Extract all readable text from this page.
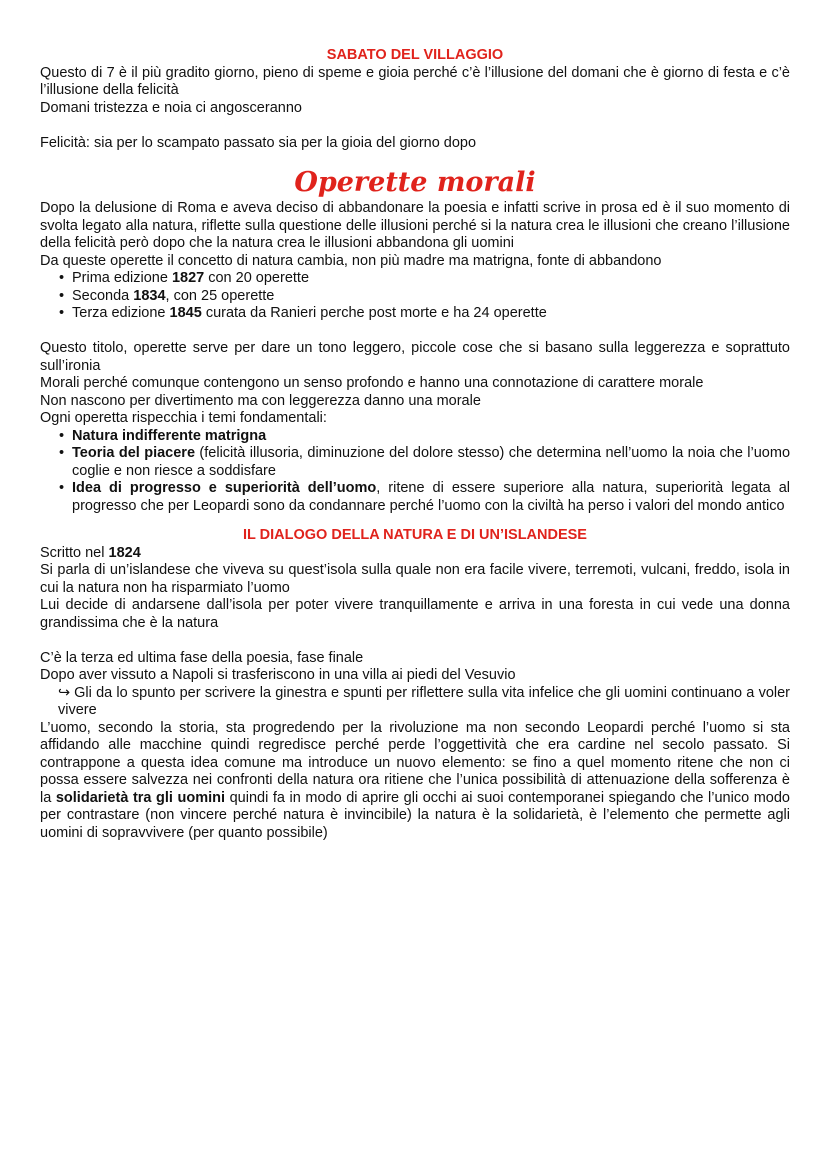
SABATO DEL VILLAGGIO

Questo di 7 è il più gradito giorno, pieno di speme e gioia perché c’è l’illusione del domani che è giorno di festa e c’è l’illusione della felicità

Domani tristezza e noia ci angosceranno

Felicità: sia per lo scampato passato sia per la gioia del giorno dopo

Operette morali

Dopo la delusione di Roma e aveva deciso di abbandonare la poesia e infatti scrive in prosa ed è il suo momento di svolta legato alla natura, riflette sulla questione delle illusioni perché si la natura crea le illusioni che creano l’illusione della felicità però dopo che la natura crea le illusioni abbandona gli uomini

Da queste operette il concetto di natura cambia, non più madre ma matrigna, fonte di abbandono

• Prima edizione 1827 con 20 operette
• Seconda 1834, con 25 operette
• Terza edizione 1845 curata da Ranieri perche post morte e ha 24 operette

Questo titolo, operette serve per dare un tono leggero, piccole cose che si basano sulla leggerezza e soprattuto sull’ironia

Morali perché comunque contengono un senso profondo e hanno una connotazione di carattere morale

Non nascono per divertimento ma con leggerezza danno una morale

Ogni operetta rispecchia i temi fondamentali:

• Natura indifferente matrigna
• Teoria del piacere (felicità illusoria, diminuzione del dolore stesso) che determina nell’uomo la noia che l’uomo coglie e non riesce a soddisfare
• Idea di progresso e superiorità dell’uomo, ritene di essere superiore alla natura, superiorità legata al progresso che per Leopardi sono da condannare perché l’uomo con la civiltà ha perso i valori del mondo antico
IL DIALOGO DELLA NATURA E DI UN’ISLANDESE

Scritto nel 1824

Si parla di un’islandese che viveva su quest’isola sulla quale non era facile vivere, terremoti, vulcani, freddo, isola in cui la natura non ha risparmiato l’uomo

Lui decide di andarsene dall’isola per poter vivere tranquillamente e arriva in una foresta in cui vede una donna grandissima che è la natura

C’è la terza ed ultima fase della poesia, fase finale

Dopo aver vissuto a Napoli si trasferiscono in una villa ai piedi del Vesuvio

↪ Gli da lo spunto per scrivere la ginestra e spunti per riflettere sulla vita infelice che gli uomini continuano a voler vivere

L’uomo, secondo la storia, sta progredendo per la rivoluzione ma non secondo Leopardi perché l’uomo si sta affidando alle macchine quindi regredisce perché perde l’oggettività che era cardine nel secolo passato. Si contrappone a questa idea comune ma introduce un nuovo elemento: se fino a quel momento ritene che non ci possa essere salvezza nei confronti della natura ora ritiene che l’unica possibilità di attenuazione della sofferenza è la solidarietà tra gli uomini quindi fa in modo di aprire gli occhi ai suoi contemporanei spiegando che l’unico modo per contrastare (non vincere perché natura è invincibile) la natura è la solidarietà, è l’elemento che permette agli uomini di sopravvivere (per quanto possibile)
